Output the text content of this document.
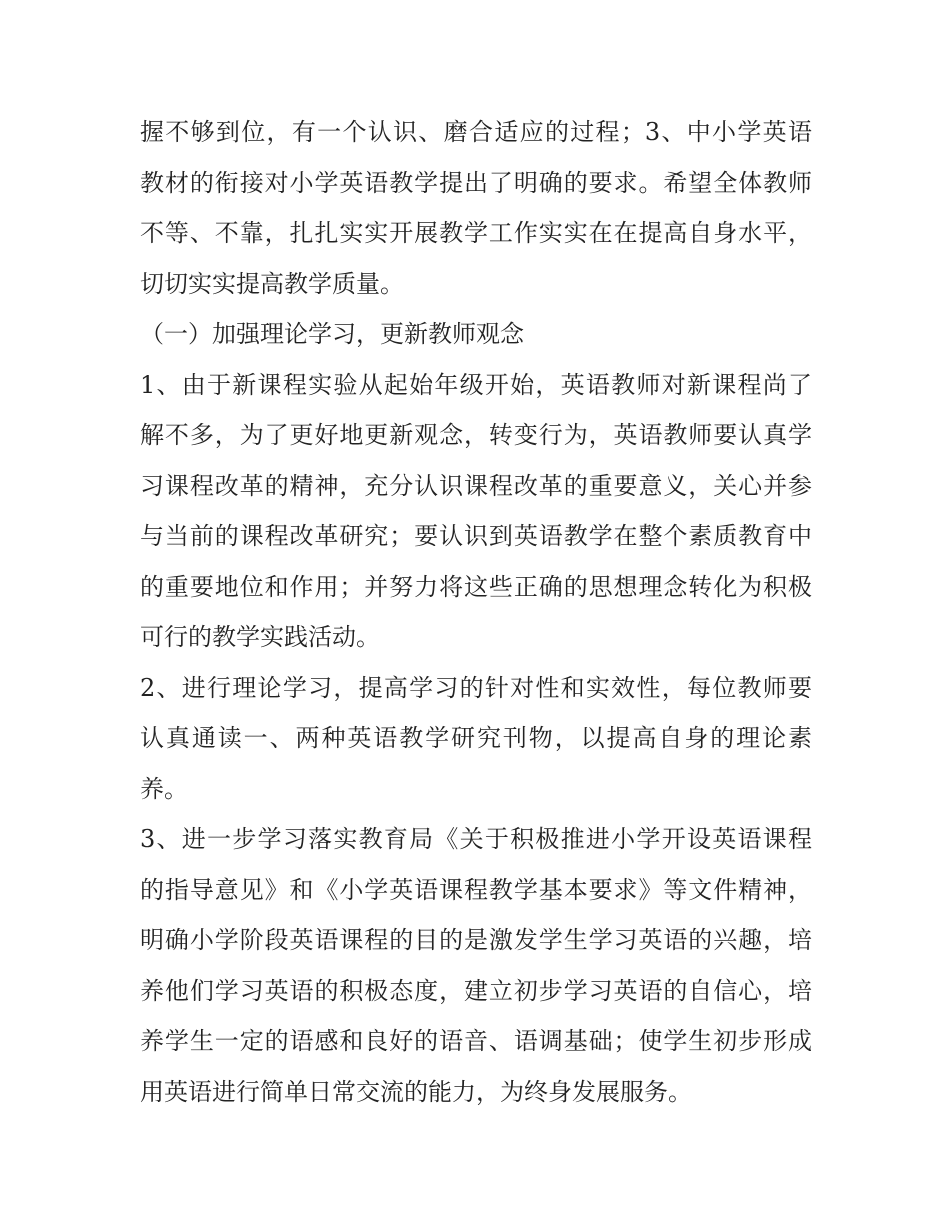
握不够到位，有一个认识、磨合适应的过程；3、中小学英语
教材的衔接对小学英语教学提出了明确的要求。希望全体教师
不等、不靠，扎扎实实开展教学工作实实在在提高自身水平，
切切实实提高教学质量。
（一）加强理论学习，更新教师观念
1、由于新课程实验从起始年级开始，英语教师对新课程尚了
解不多，为了更好地更新观念，转变行为，英语教师要认真学
习课程改革的精神，充分认识课程改革的重要意义，关心并参
与当前的课程改革研究；要认识到英语教学在整个素质教育中
的重要地位和作用；并努力将这些正确的思想理念转化为积极
可行的教学实践活动。
2、进行理论学习，提高学习的针对性和实效性，每位教师要
认真通读一、两种英语教学研究刊物，以提高自身的理论素
养。
3、进一步学习落实教育局《关于积极推进小学开设英语课程
的指导意见》和《小学英语课程教学基本要求》等文件精神，
明确小学阶段英语课程的目的是激发学生学习英语的兴趣，培
养他们学习英语的积极态度，建立初步学习英语的自信心，培
养学生一定的语感和良好的语音、语调基础；使学生初步形成
用英语进行简单日常交流的能力，为终身发展服务。
